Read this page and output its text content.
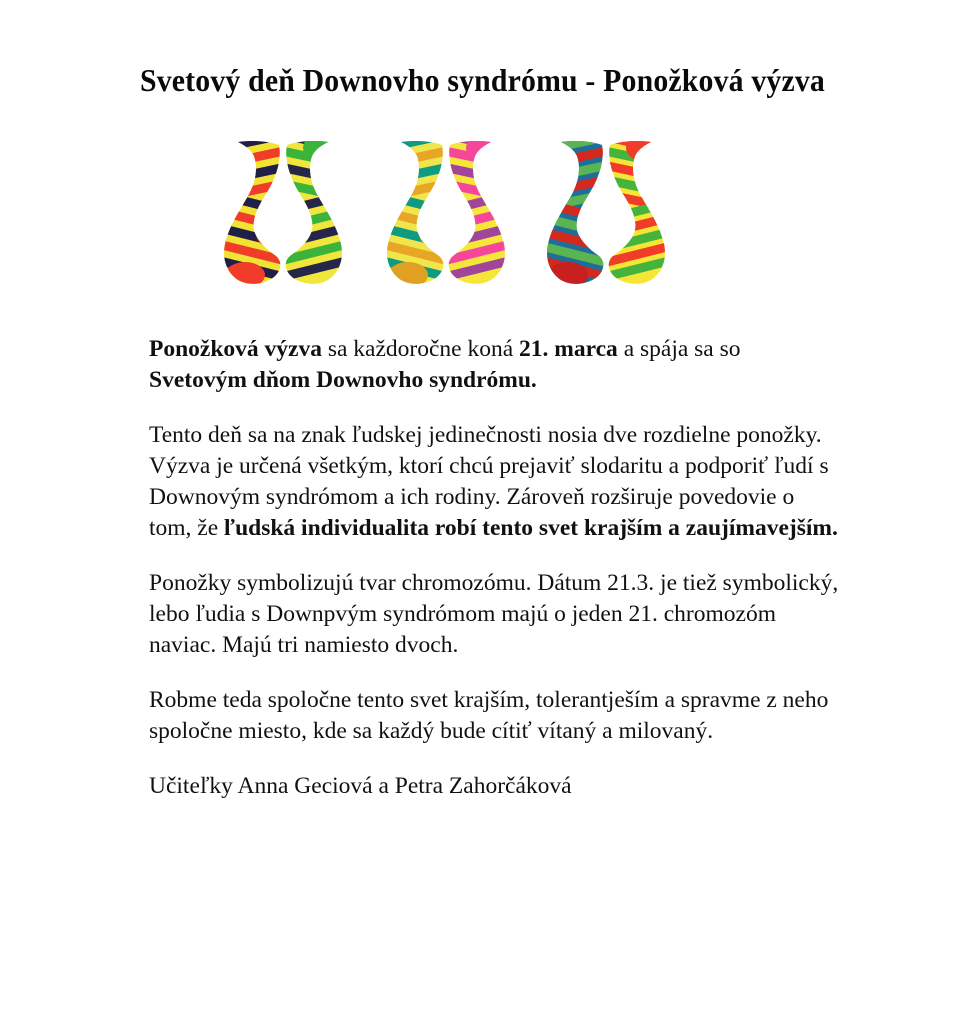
Svetový deň Downovho syndrómu - Ponožková výzva

Ponožková výzva sa každoročne koná 21. marca a spája sa so Svetovým dňom Downovho syndrómu.

Tento deň sa na znak ľudskej jedinečnosti nosia dve rozdielne ponožky. Výzva je určená všetkým, ktorí chcú prejaviť slodaritu a podporiť ľudí s Downovým syndrómom a ich rodiny. Zároveň rozširuje povedovie o tom, že ľudská individualita robí tento svet krajším a zaujímavejším.

Ponožky symbolizujú tvar chromozómu. Dátum 21.3. je tiež symbolický, lebo ľudia s Downpvým syndrómom majú o jeden 21. chromozóm naviac. Majú tri namiesto dvoch.

Robme teda spoločne tento svet krajším, tolerantješím a spravme z neho spoločne miesto, kde sa každý bude cítiť vítaný a milovaný.

Učiteľky Anna Geciová a Petra Zahorčáková
